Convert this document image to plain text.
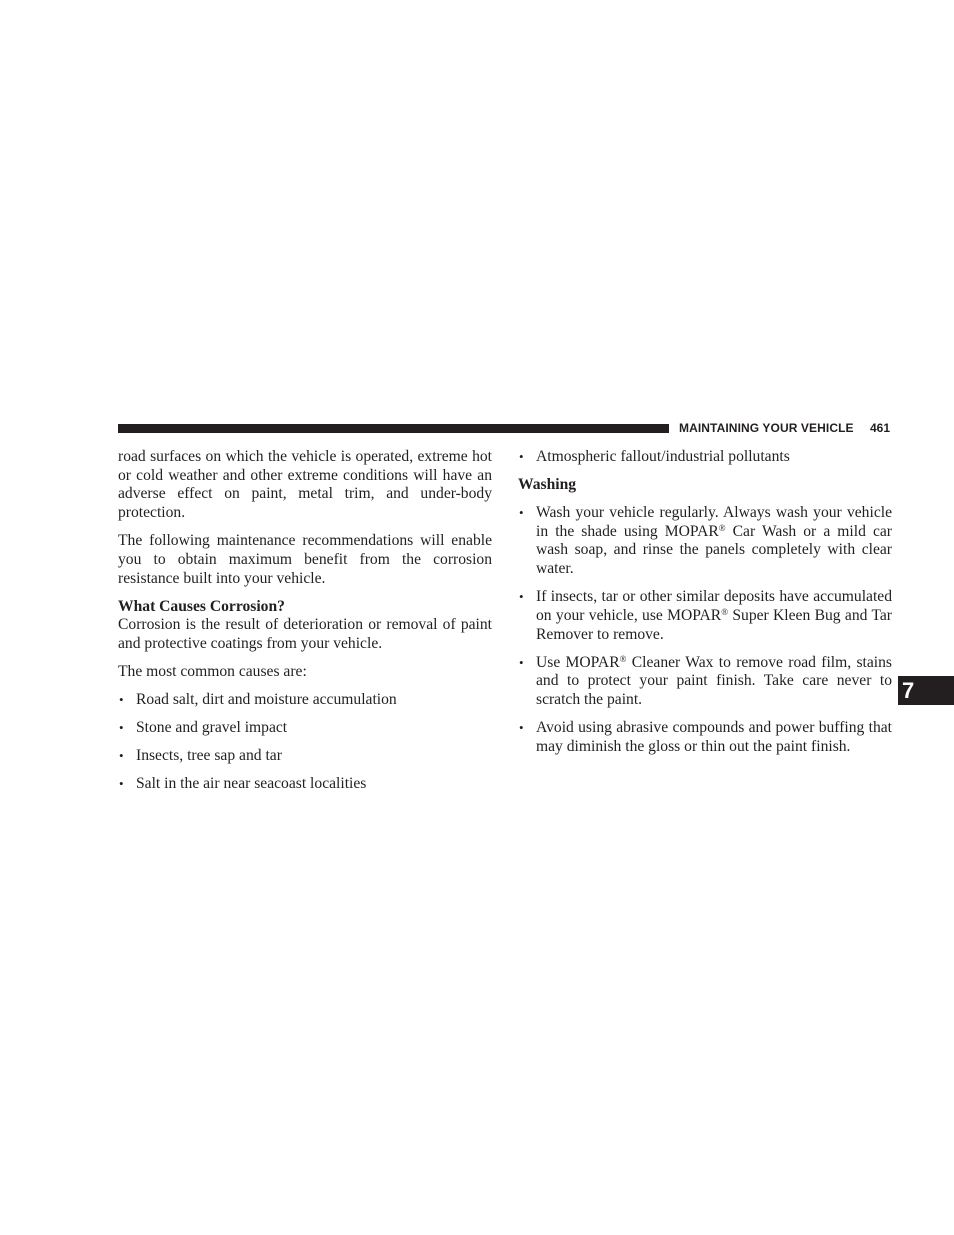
MAINTAINING YOUR VEHICLE 461

road surfaces on which the vehicle is operated, extreme hot or cold weather and other extreme conditions will have an adverse effect on paint, metal trim, and under-body protection.

The following maintenance recommendations will enable you to obtain maximum benefit from the corrosion resistance built into your vehicle.

What Causes Corrosion?

Corrosion is the result of deterioration or removal of paint and protective coatings from your vehicle.

The most common causes are:

• Road salt, dirt and moisture accumulation
• Stone and gravel impact
• Insects, tree sap and tar
• Salt in the air near seacoast localities
• Atmospheric fallout/industrial pollutants
Washing
• Wash your vehicle regularly. Always wash your vehicle in the shade using MOPAR® Car Wash or a mild car wash soap, and rinse the panels completely with clear water.
• If insects, tar or other similar deposits have accumulated on your vehicle, use MOPAR® Super Kleen Bug and Tar Remover to remove.
• Use MOPAR® Cleaner Wax to remove road film, stains and to protect your paint finish. Take care never to scratch the paint.
• Avoid using abrasive compounds and power buffing that may diminish the gloss or thin out the paint finish.
7
